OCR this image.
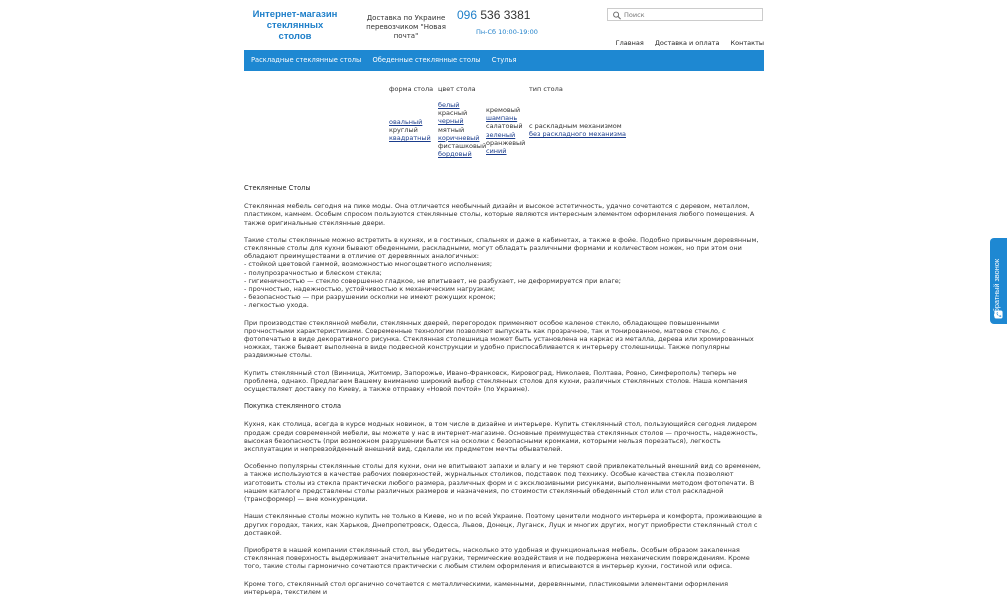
Интернет-магазин
стеклянных столов
Доставка по Украине
перевозчиком "Новая почта"
096 536 3381
Пн-Сб 10:00-19:00
Поиск
Главная Доставка и оплата Контакты
Раскладные стеклянные столы Обеденные стеклянные столы Стулья
форма стола цвет стола	тип стола
овальный
круглый
квадратный
белый
красный
черный
мятный
коричневый
фисташковый
бордовый
кремовый
шампань
салатовый
зеленый
оранжевый
синий
с раскладным механизмом
без раскладного механизма
Стеклянные Столы

Стеклянная мебель сегодня на пике моды. Она отличается необычный дизайн и высокое эстетичность, удачно сочетаются с деревом, металлом, пластиком, камнем. Особым спросом пользуются стеклянные столы, которые являются интересным элементом оформления любого помещения. А также оригинальные стеклянные двери.

Такие столы стеклянные можно встретить в кухнях, и в гостиных, спальнях и даже в кабинетах, а также в фойе. Подобно привычным деревянным, стеклянные столы для кухни бывают обеденными, раскладными, могут обладать различными формами и количеством ножек, но при этом они обладают преимуществами в отличие от деревянных аналогичных:
- стойкой цветовой гаммой, возможностью многоцветного исполнения;
- полупрозрачностью и блеском стекла;
- гигиеничностью — стекло совершенно гладкое, не впитывает, не разбухает, не деформируется при влаге;
- прочностью, надежностью, устойчивостью к механическим нагрузкам;
- безопасностью — при разрушении осколки не имеют режущих кромок;
- легкостью ухода.

При производстве стеклянной мебели, стеклянных дверей, перегородок применяют особое каленое стекло, обладающее повышенными прочностными характеристиками. Современные технологии позволяют выпускать как прозрачное, так и тонированное, матовое стекло, с фотопечатью в виде декоративного рисунка. Стеклянная столешница может быть установлена на каркас из металла, дерева или хромированных ножках, также бывает выполнена в виде подвесной конструкции и удобно приспосабливается к интерьеру столешницы. Также популярны раздвижные столы.

Купить стеклянный стол (Винница, Житомир, Запорожье, Ивано-Франковск, Кировоград, Николаев, Полтава, Ровно, Симферополь) теперь не проблема, однако. Предлагаем Вашему вниманию широкий выбор стеклянных столов для кухни, различных стеклянных столов. Наша компания осуществляет доставку по Киеву, а также отправку «Новой почтой» (по Украине).

Покупка стеклянного стола

Кухня, как столица, всегда в курсе модных новинок, в том числе в дизайне и интерьере. Купить стеклянный стол, пользующийся сегодня лидером продаж среди современной мебели, вы можете у нас в интернет-магазине. Основные преимущества стеклянных столов — прочность, надежность, высокая безопасность (при возможном разрушении бьется на осколки с безопасными кромками, которыми нельзя порезаться), легкость эксплуатации и непревзойденный внешний вид, сделали их предметом мечты обывателей.

Особенно популярны стеклянные столы для кухни, они не впитывают запахи и влагу и не теряют свой привлекательный внешний вид со временем, а также используются в качестве рабочих поверхностей, журнальных столиков, подставок под технику. Особые качества стекла позволяют изготовить столы из стекла практически любого размера, различных форм и с эксклюзивными рисунками, выполненными методом фотопечати. В нашем каталоге представлены столы различных размеров и назначения, по стоимости стеклянный обеденный стол или стол раскладной (трансформер) — вне конкуренции.

Наши стеклянные столы можно купить не только в Киеве, но и по всей Украине. Поэтому ценители модного интерьера и комфорта, проживающие в других городах, таких, как Харьков, Днепропетровск, Одесса, Львов, Донецк, Луганск, Луцк и многих других, могут приобрести стеклянный стол с доставкой.

Приобретя в нашей компании стеклянный стол, вы убедитесь, насколько это удобная и функциональная мебель. Особым образом закаленная стеклянная поверхность выдерживает значительные нагрузки, термические воздействия и не подвержена механическим повреждениям. Кроме того, такие столы гармонично сочетаются практически с любым стилем оформления и вписываются в интерьер кухни, гостиной или офиса.

Кроме того, стеклянный стол органично сочетается с металлическими, каменными, деревянными, пластиковыми элементами оформления интерьера, текстилем и

Обратный звонок
